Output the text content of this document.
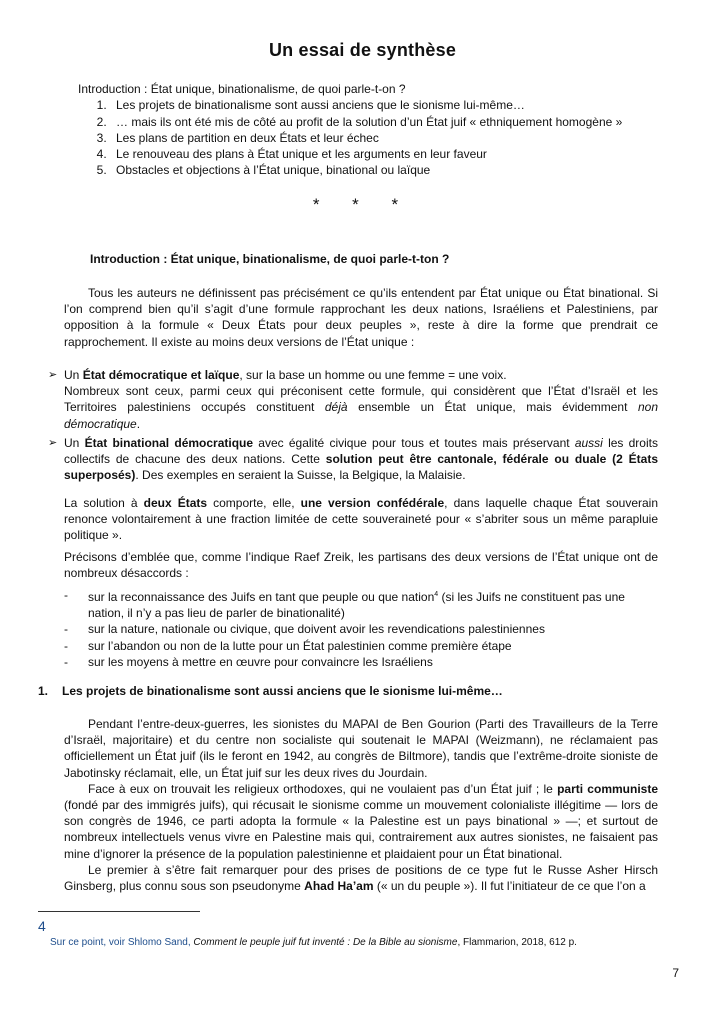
Un essai de synthèse
Introduction : État unique, binationalisme, de quoi parle-t-on ?
1. Les projets de binationalisme sont aussi anciens que le sionisme lui-même…
2. … mais ils ont été mis de côté au profit de la solution d’un État juif « ethniquement homogène »
3. Les plans de partition en deux États et leur échec
4. Le renouveau des plans à État unique et les arguments en leur faveur
5. Obstacles et objections à l’État unique, binational ou laïque
* * *
Introduction : État unique, binationalisme, de quoi parle-t-ton ?

Tous les auteurs ne définissent pas précisément ce qu’ils entendent par État unique ou État binational. Si l’on comprend bien qu’il s’agit d’une formule rapprochant les deux nations, Israéliens et Palestiniens, par opposition à la formule « Deux États pour deux peuples », reste à dire la forme que prendrait ce rapprochement. Il existe au moins deux versions de l’État unique :

➢ Un État démocratique et laïque, sur la base un homme ou une femme = une voix.
Nombreux sont ceux, parmi ceux qui préconisent cette formule, qui considèrent que l’État d’Israël et les Territoires palestiniens occupés constituent déjà ensemble un État unique, mais évidemment non démocratique.
➢ Un État binational démocratique avec égalité civique pour tous et toutes mais préservant aussi les droits collectifs de chacune des deux nations. Cette solution peut être cantonale, fédérale ou duale (2 États superposés). Des exemples en seraient la Suisse, la Belgique, la Malaisie.

La solution à deux États comporte, elle, une version confédérale, dans laquelle chaque État souverain renonce volontairement à une fraction limitée de cette souveraineté pour « s’abriter sous un même parapluie politique ».

Précisons d’emblée que, comme l’indique Raef Zreik, les partisans des deux versions de l’État unique ont de nombreux désaccords :

- sur la reconnaissance des Juifs en tant que peuple ou que nation$^4$ (si les Juifs ne constituent pas une nation, il n’y a pas lieu de parler de binationalité)
- sur la nature, nationale ou civique, que doivent avoir les revendications palestiniennes
- sur l’abandon ou non de la lutte pour un État palestinien comme première étape
- sur les moyens à mettre en œuvre pour convaincre les Israéliens
1. Les projets de binationalisme sont aussi anciens que le sionisme lui-même…

Pendant l’entre-deux-guerres, les sionistes du MAPAI de Ben Gourion (Parti des Travailleurs de la Terre d’Israël, majoritaire) et du centre non socialiste qui soutenait le MAPAI (Weizmann), ne réclamaient pas officiellement un État juif (ils le feront en 1942, au congrès de Biltmore), tandis que l’extrême-droite sioniste de Jabotinsky réclamait, elle, un État juif sur les deux rives du Jourdain.

Face à eux on trouvait les religieux orthodoxes, qui ne voulaient pas d’un État juif ; le parti communiste (fondé par des immigrés juifs), qui récusait le sionisme comme un mouvement colonialiste illégitime — lors de son congrès de 1946, ce parti adopta la formule « la Palestine est un pays binational » —; et surtout de nombreux intellectuels venus vivre en Palestine mais qui, contrairement aux autres sionistes, ne faisaient pas mine d’ignorer la présence de la population palestinienne et plaidaient pour un État binational.

Le premier à s’être fait remarquer pour des prises de positions de ce type fut le Russe Asher Hirsch Ginsberg, plus connu sous son pseudonyme Ahad Ha’am (« un du peuple »). Il fut l’initiateur de ce que l’on a

4
Sur ce point, voir Shlomo Sand, Comment le peuple juif fut inventé : De la Bible au sionisme, Flammarion, 2018, 612 p.
7
